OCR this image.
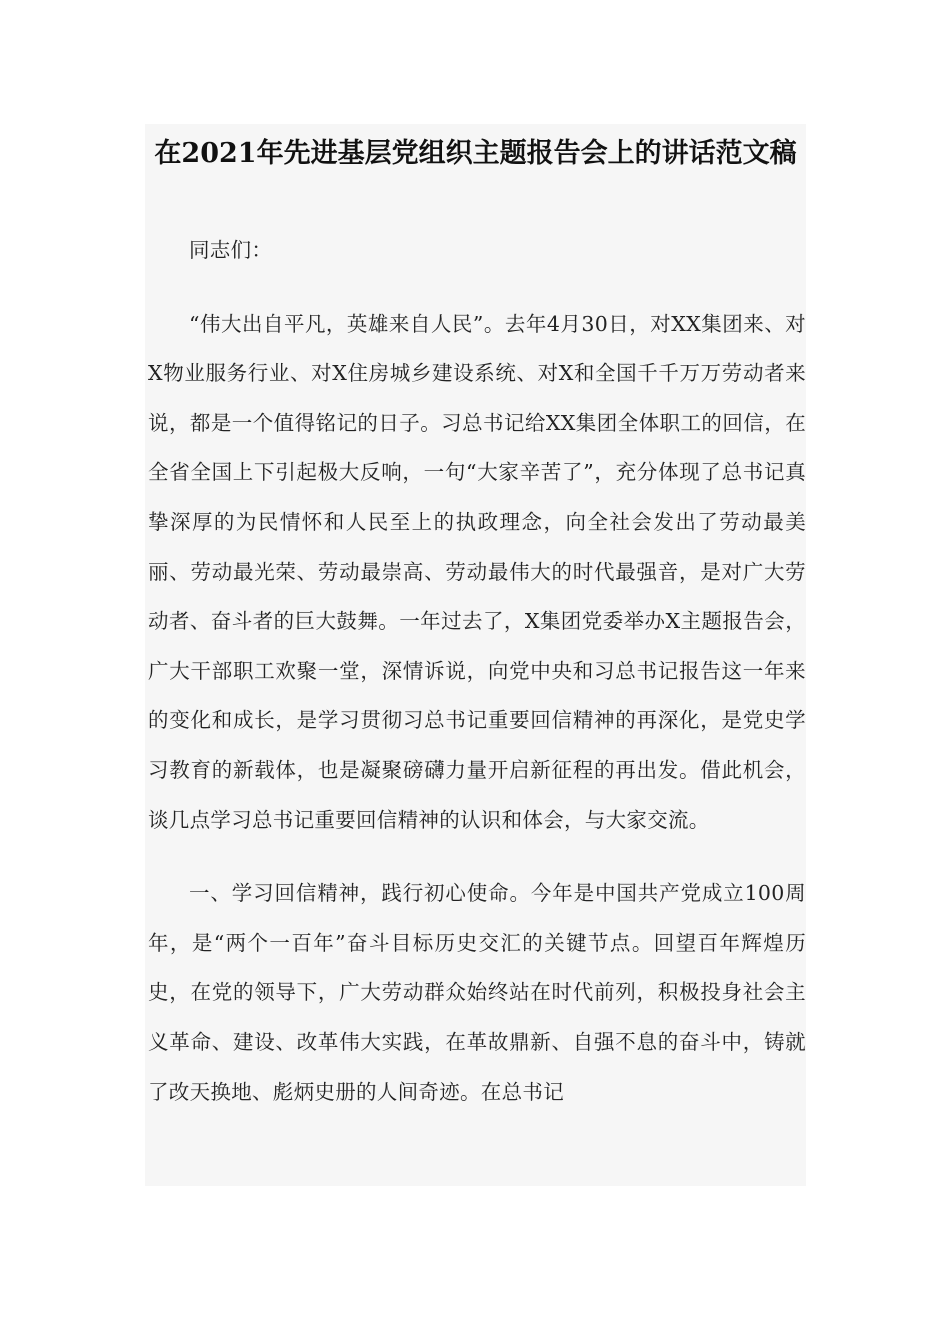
在2021年先进基层党组织主题报告会上的讲话范文稿

同志们：

“伟大出自平凡，英雄来自人民”。去年4月30日，对XX集团来、对X物业服务行业、对X住房城乡建设系统、对X和全国千千万万劳动者来说，都是一个值得铭记的日子。习总书记给XX集团全体职工的回信，在全省全国上下引起极大反响，一句“大家辛苦了”，充分体现了总书记真挚深厚的为民情怀和人民至上的执政理念，向全社会发出了劳动最美丽、劳动最光荣、劳动最崇高、劳动最伟大的时代最强音，是对广大劳动者、奋斗者的巨大鼓舞。一年过去了，X集团党委举办X主题报告会，广大干部职工欢聚一堂，深情诉说，向党中央和习总书记报告这一年来的变化和成长，是学习贯彻习总书记重要回信精神的再深化，是党史学习教育的新载体，也是凝聚磅礴力量开启新征程的再出发。借此机会，谈几点学习总书记重要回信精神的认识和体会，与大家交流。

一、学习回信精神，践行初心使命。今年是中国共产党成立100周年，是“两个一百年”奋斗目标历史交汇的关键节点。回望百年辉煌历史，在党的领导下，广大劳动群众始终站在时代前列，积极投身社会主义革命、建设、改革伟大实践，在革故鼎新、自强不息的奋斗中，铸就了改天换地、彪炳史册的人间奇迹。在总书记
